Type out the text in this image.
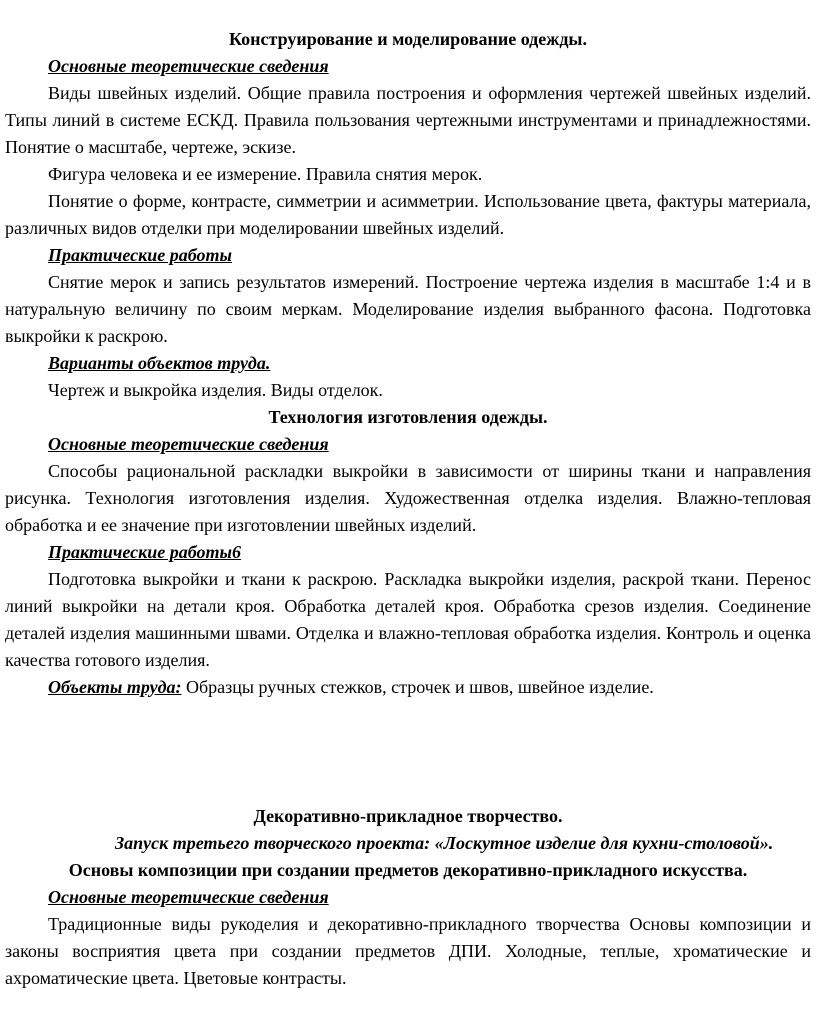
Конструирование и моделирование одежды.

Основные теоретические сведения

Виды швейных изделий. Общие правила построения и оформления чертежей швейных изделий. Типы линий в системе ЕСКД. Правила пользования чертежными инструментами и принадлежностями. Понятие о масштабе, чертеже, эскизе.

Фигура человека и ее измерение. Правила снятия мерок.

Понятие о форме, контрасте, симметрии и асимметрии. Использование цвета, фактуры материала, различных видов отделки при моделировании швейных изделий.

Практические работы

Снятие мерок и запись результатов измерений. Построение чертежа изделия в масштабе 1:4 и в натуральную величину по своим меркам. Моделирование изделия выбранного фасона. Подготовка выкройки к раскрою.

Варианты объектов труда.

Чертеж и выкройка изделия. Виды отделок.

Технология изготовления одежды.

Основные теоретические сведения

Способы рациональной раскладки выкройки в зависимости от ширины ткани и направления рисунка. Технология изготовления изделия. Художественная отделка изделия. Влажно-тепловая обработка и ее значение при изготовлении швейных изделий.

Практические работы6

Подготовка выкройки и ткани к раскрою. Раскладка выкройки изделия, раскрой ткани. Перенос линий выкройки на детали кроя. Обработка деталей кроя. Обработка срезов изделия. Соединение деталей изделия машинными швами. Отделка и влажно-тепловая обработка изделия. Контроль и оценка качества готового изделия.

Объекты труда: Образцы ручных стежков, строчек и швов, швейное изделие.

Декоративно-прикладное творчество.

Запуск третьего творческого проекта: «Лоскутное изделие для кухни-столовой».

Основы композиции при создании предметов декоративно-прикладного искусства.

Основные теоретические сведения

Традиционные виды рукоделия и декоративно-прикладного творчества Основы композиции и законы восприятия цвета при создании предметов ДПИ. Холодные, теплые, хроматические и ахроматические цвета. Цветовые контрасты.
